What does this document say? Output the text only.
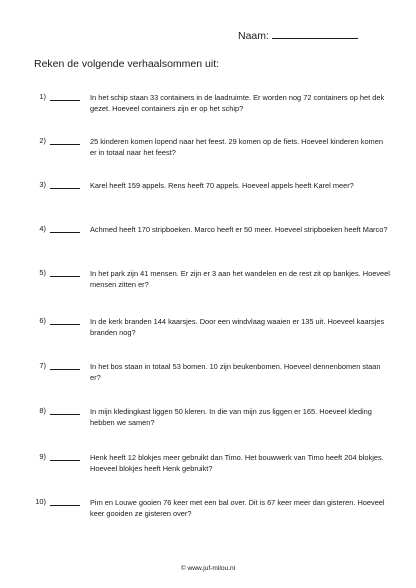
Naam:
Reken de volgende verhaalsommen uit:
1)	In het schip staan 33 containers in de laadruimte. Er worden nog 72 containers op het dek gezet. Hoeveel containers zijn er op het schip?
2)	25 kinderen komen lopend naar het feest. 29 komen op de fiets. Hoeveel kinderen komen er in totaal naar het feest?
3)	Karel heeft 159 appels. Rens heeft 70 appels. Hoeveel appels heeft Karel meer?
4)	Achmed heeft 170 stripboeken. Marco heeft er 50 meer. Hoeveel stripboeken heeft Marco?
5)	In het park zijn 41 mensen. Er zijn er 3 aan het wandelen en de rest zit op bankjes. Hoeveel mensen zitten er?
6)	In de kerk branden 144 kaarsjes. Door een windvlaag waaien er 135 uit. Hoeveel kaarsjes branden nog?
7)	In het bos staan in totaal 53 bomen. 10 zijn beukenbomen. Hoeveel dennenbomen staan er?
8)	In mijn kledingkast liggen 50 kleren. In die van mijn zus liggen er 165. Hoeveel kleding hebben we samen?
9)	Henk heeft 12 blokjes meer gebruikt dan Timo. Het bouwwerk van Timo heeft 204 blokjes. Hoeveel blokjes heeft Henk gebruikt?
10)	Pim en Louwe gooien 76 keer met een bal over. Dit is 67 keer meer dan gisteren. Hoeveel keer gooiden ze gisteren over?
© www.juf-milou.nl
